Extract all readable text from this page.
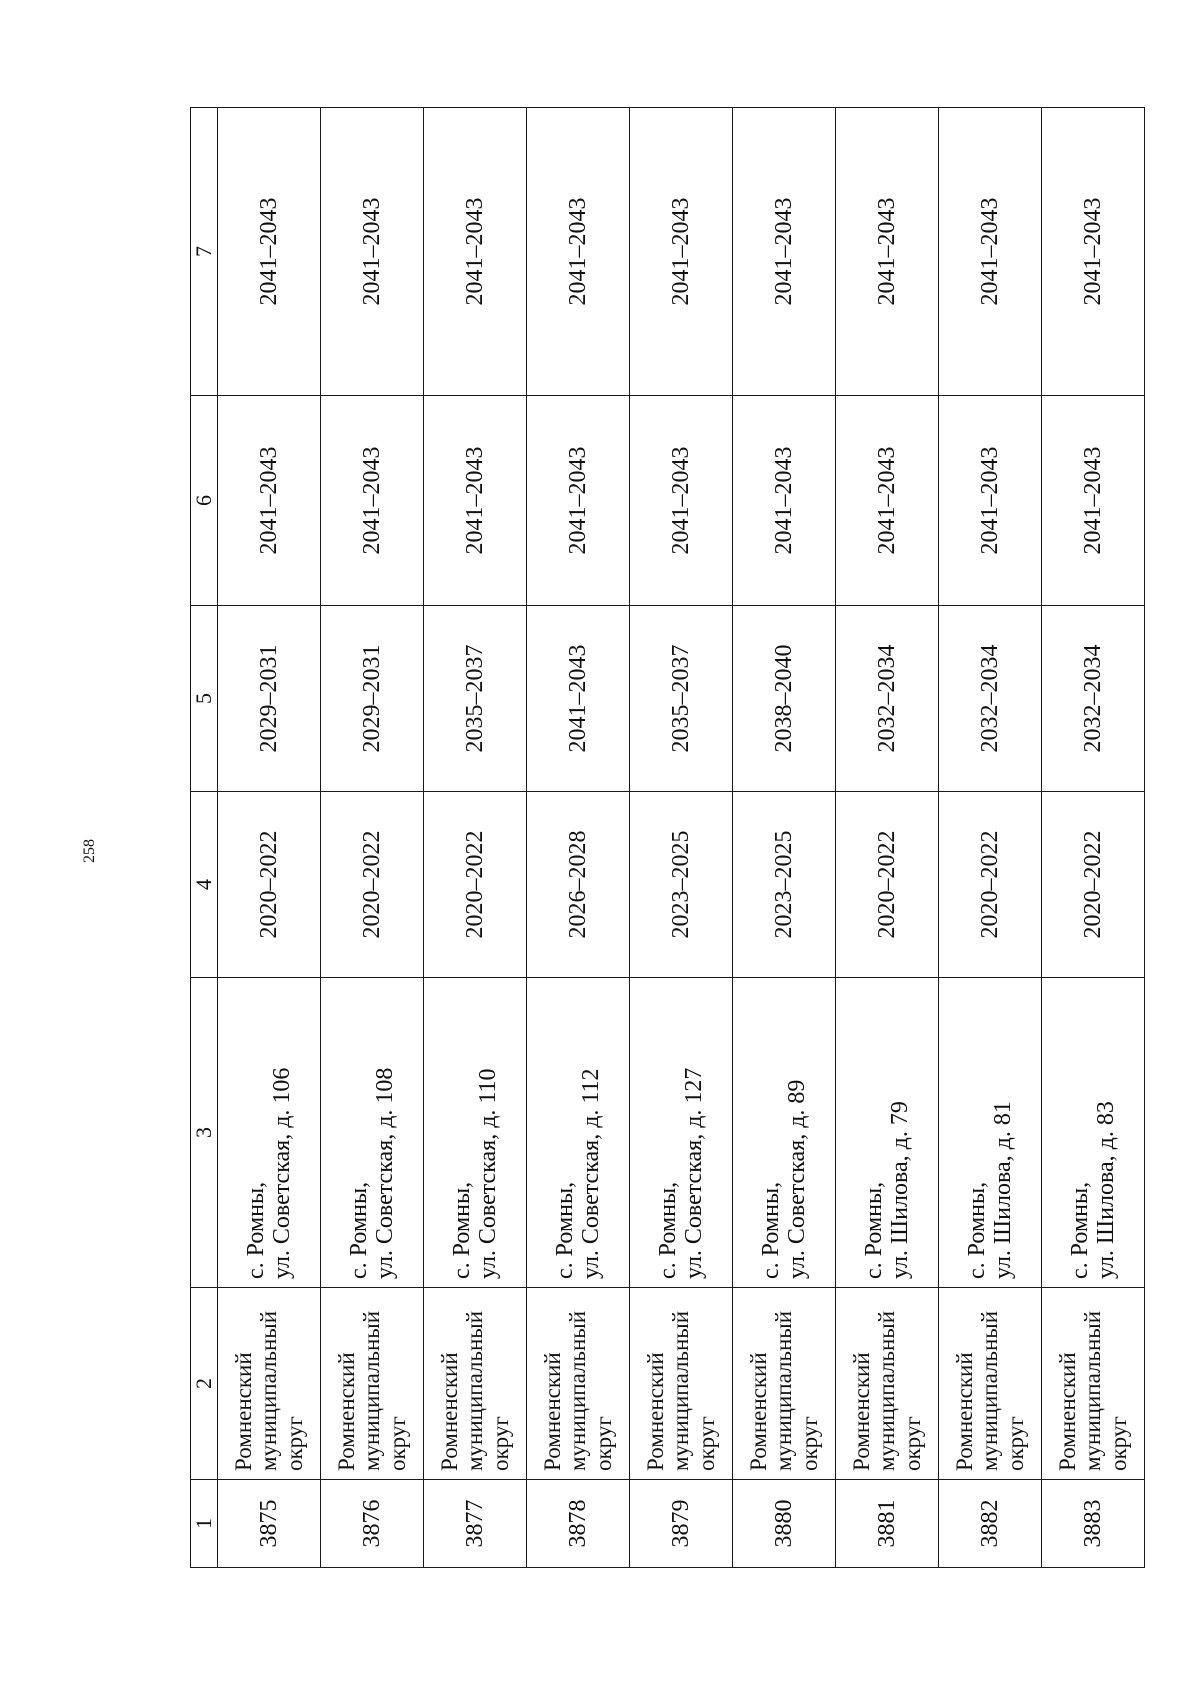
258
1	2	3	4	5	6	7
3875	Ромненский муниципальный округ	с. Ромны, ул. Советская, д. 106	2020–2022	2029–2031	2041–2043	2041–2043
3876	Ромненский муниципальный округ	с. Ромны, ул. Советская, д. 108	2020–2022	2029–2031	2041–2043	2041–2043
3877	Ромненский муниципальный округ	с. Ромны, ул. Советская, д. 110	2020–2022	2035–2037	2041–2043	2041–2043
3878	Ромненский муниципальный округ	с. Ромны, ул. Советская, д. 112	2026–2028	2041–2043	2041–2043	2041–2043
3879	Ромненский муниципальный округ	с. Ромны, ул. Советская, д. 127	2023–2025	2035–2037	2041–2043	2041–2043
3880	Ромненский муниципальный округ	с. Ромны, ул. Советская, д. 89	2023–2025	2038–2040	2041–2043	2041–2043
3881	Ромненский муниципальный округ	с. Ромны, ул. Шилова, д. 79	2020–2022	2032–2034	2041–2043	2041–2043
3882	Ромненский муниципальный округ	с. Ромны, ул. Шилова, д. 81	2020–2022	2032–2034	2041–2043	2041–2043
3883	Ромненский муниципальный округ	с. Ромны, ул. Шилова, д. 83	2020–2022	2032–2034	2041–2043	2041–2043
